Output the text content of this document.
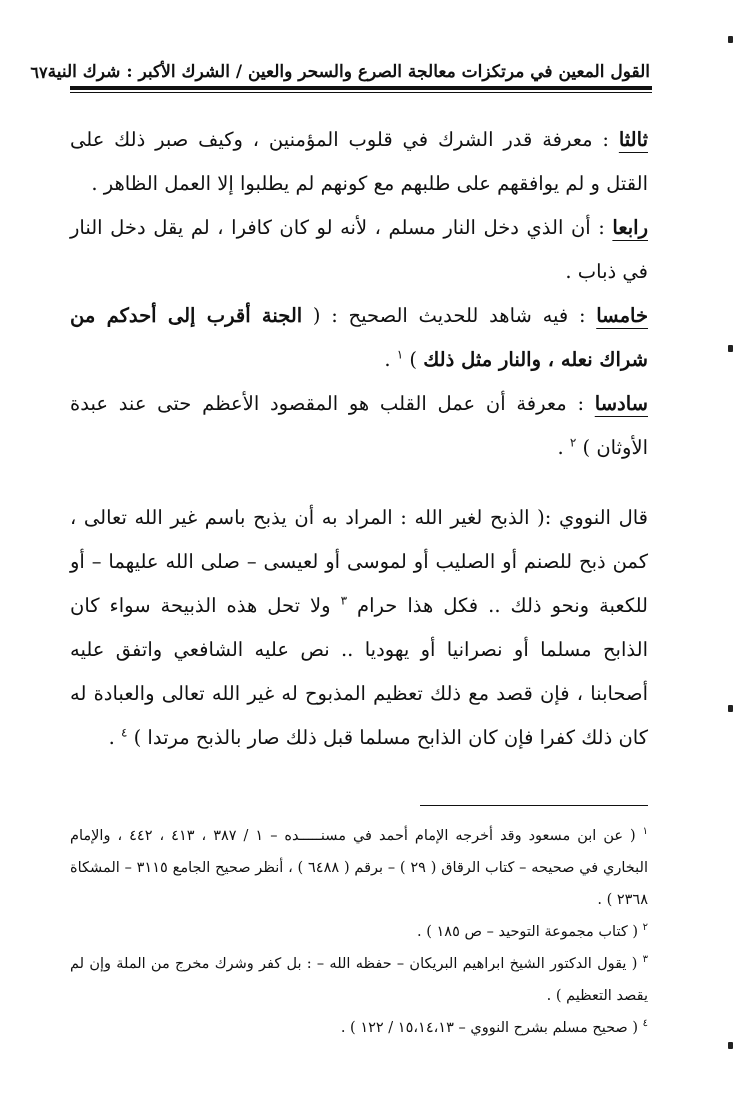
القول المعين في مرتكزات معالجة الصرع والسحر والعين / الشرك الأكبر : شرك النية
٦٧

ثالثا : معرفة قدر الشرك في قلوب المؤمنين ، وكيف صبر ذلك على القتل و لم يوافقهم على طلبهم مع كونهم لم يطلبوا إلا العمل الظاهر .

رابعا : أن الذي دخل النار مسلم ، لأنه لو كان كافرا ، لم يقل دخل النار في ذباب .

خامسا : فيه شاهد للحديث الصحيح : ( الجنة أقرب إلى أحدكم من شراك نعله ، والنار مثل ذلك ) $^١$ .

سادسا : معرفة أن عمل القلب هو المقصود الأعظم حتى عند عبدة الأوثان ) $^٢$ .

قال النووي :( الذبح لغير الله : المراد به أن يذبح باسم غير الله تعالى ، كمن ذبح للصنم أو الصليب أو لموسى أو لعيسى – صلى الله عليهما – أو للكعبة ونحو ذلك .. فكل هذا حرام $^٣$ ولا تحل هذه الذبيحة سواء كان الذابح مسلما أو نصرانيا أو يهوديا .. نص عليه الشافعي واتفق عليه أصحابنا ، فإن قصد مع ذلك تعظيم المذبوح له غير الله تعالى والعبادة له كان ذلك كفرا فإن كان الذابح مسلما قبل ذلك صار بالذبح مرتدا ) $^٤$ .

$^١$ ( عن ابن مسعود وقد أخرجه الإمام أحمد في مسنـــــده – ١ / ٣٨٧ ، ٤١٣ ، ٤٤٢ ، والإمام البخاري في صحيحه – كتاب الرقاق ( ٢٩ ) – برقم ( ٦٤٨٨ ) ، أنظر صحيح الجامع ٣١١٥ – المشكاة ٢٣٦٨ ) .

$^٢$ ( كتاب مجموعة التوحيد – ص ١٨٥ ) .

$^٣$ ( يقول الدكتور الشيخ ابراهيم البريكان – حفظه الله – : بل كفر وشرك مخرج من الملة وإن لم يقصد التعظيم ) .

$^٤$ ( صحيح مسلم بشرح النووي – ١٥،١٤،١٣ / ١٢٢ ) .
